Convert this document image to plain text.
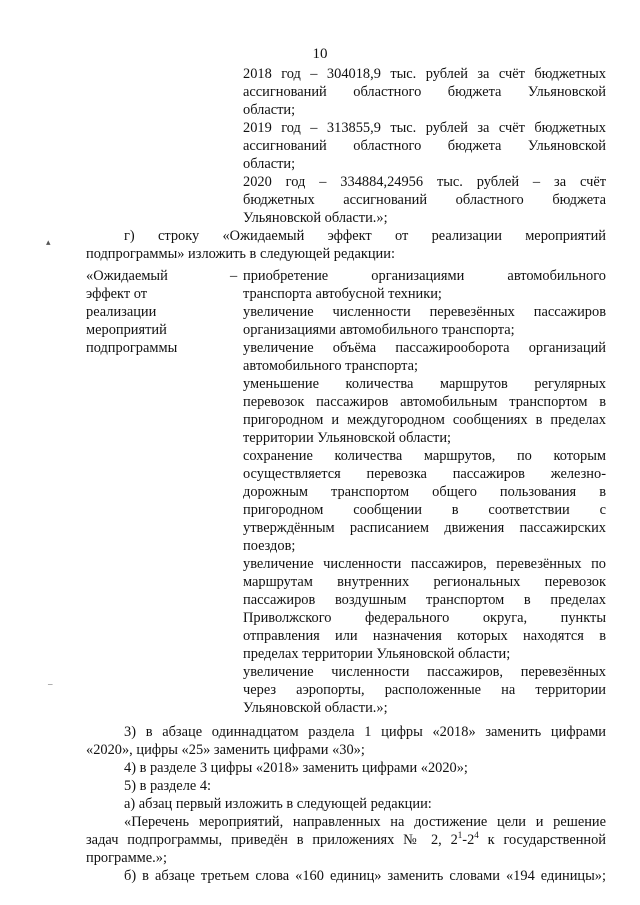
10
2018 год – 304018,9 тыс. рублей за счёт бюджетных
ассигнований областного бюджета Ульяновской
области;
2019 год – 313855,9 тыс. рублей за счёт бюджетных
ассигнований областного бюджета Ульяновской
области;
2020 год – 334884,24956 тыс. рублей – за счёт
бюджетных ассигнований областного бюджета
Ульяновской области.»;
▴	г) строку «Ожидаемый эффект от реализации мероприятий
подпрограммы» изложить в следующей редакции:
«Ожидаемый
эффект от
реализации
мероприятий
подпрограммы
– приобретение организациями автомобильного
транспорта автобусной техники;
увеличение численности перевезённых пассажиров
организациями автомобильного транспорта;
увеличение объёма пассажирооборота организаций
автомобильного транспорта;
уменьшение количества маршрутов регулярных
перевозок пассажиров автомобильным транспортом в
пригородном и междугородном сообщениях в пределах
территории Ульяновской области;
сохранение количества маршрутов, по которым
осуществляется перевозка пассажиров железно-
дорожным транспортом общего пользования в
пригородном сообщении в соответствии с
утверждённым расписанием движения пассажирских
поездов;
увеличение численности пассажиров, перевезённых по
маршрутам внутренних региональных перевозок
пассажиров воздушным транспортом в пределах
Приволжского федерального округа, пункты
отправления или назначения которых находятся в
пределах территории Ульяновской области;
увеличение численности пассажиров, перевезённых
через аэропорты, расположенные на территории
Ульяновской области.»;
–
3) в абзаце одиннадцатом раздела 1 цифры «2018» заменить цифрами
«2020», цифры «25» заменить цифрами «30»;
4) в разделе 3 цифры «2018» заменить цифрами «2020»;
5) в разделе 4:
а) абзац первый изложить в следующей редакции:
«Перечень мероприятий, направленных на достижение цели и решение
задач подпрограммы, приведён в приложениях № 2, $2^1-2^4$ к государственной
программе.»;
б) в абзаце третьем слова «160 единиц» заменить словами «194 единицы»;
